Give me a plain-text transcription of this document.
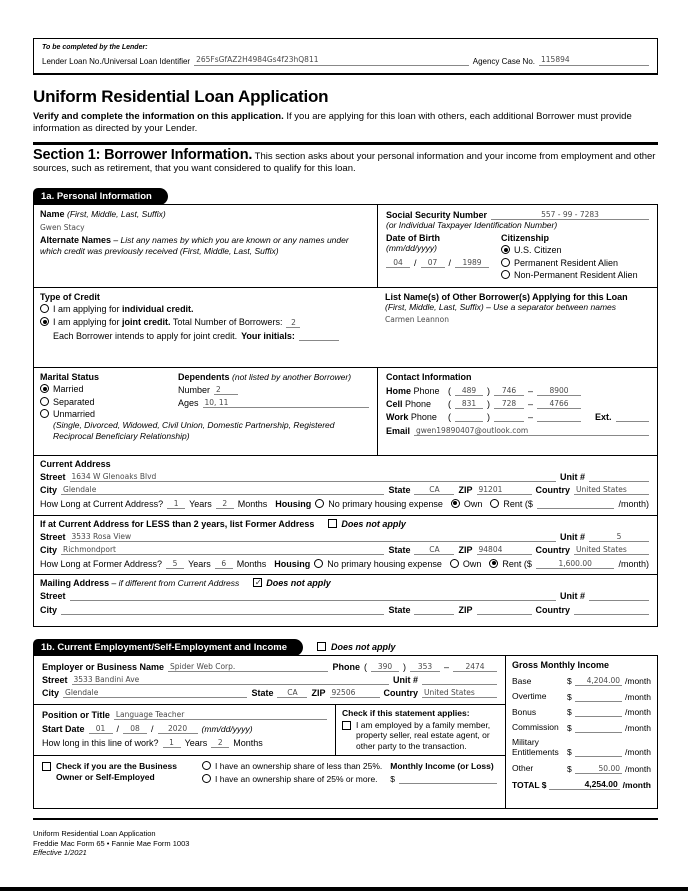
To be completed by the Lender:
Lender Loan No./Universal Loan Identifier 265FsGfAZ2H4984Gs4f23hQ811	Agency Case No. 115894
Uniform Residential Loan Application
Verify and complete the information on this application. If you are applying for this loan with others, each additional Borrower must provide information as directed by your Lender.
Section 1: Borrower Information. This section asks about your personal information and your income from employment and other sources, such as retirement, that you want considered to qualify for this loan.
1a. Personal Information
Name (First, Middle, Last, Suffix)
Gwen Stacy
Alternate Names – List any names by which you are known or any names under which credit was previously received (First, Middle, Last, Suffix)
Social Security Number	557 - 99 - 7283
(or Individual Taxpayer Identification Number)
Date of Birth
(mm/dd/yyyy)
04	/	07	/	1989
Citizenship
U.S. Citizen
Permanent Resident Alien
Non-Permanent Resident Alien
Type of Credit
I am applying for individual credit.
I am applying for joint credit. Total Number of Borrowers:	2
Each Borrower intends to apply for joint credit. Your initials:
List Name(s) of Other Borrower(s) Applying for this Loan
(First, Middle, Last, Suffix) – Use a separator between names
Carmen Leannon
Marital Status
Married
Separated
Unmarried
Dependents (not listed by another Borrower)
Number 2
Ages 10, 11
(Single, Divorced, Widowed, Civil Union, Domestic Partnership, Registered Reciprocal Beneficiary Relationship)
Contact Information
Home Phone (	489	)	746	–	8900
Cell Phone	(	831	)	728	–	4766
Work Phone	(	)	–	Ext.
Email gwen19890407@outlook.com
Current Address
Street 1634 W Glenoaks Blvd	Unit #
City Glendale	State	CA	ZIP 91201	Country United States
How Long at Current Address?	1	Years	2	Months Housing No primary housing expense Own Rent ($	/month)
If at Current Address for LESS than 2 years, list Former Address	Does not apply
Street 3533 Rosa View	Unit #	5
City Richmondport	State	CA	ZIP 94804	Country United States
How Long at Former Address?	5	Years	6	Months Housing No primary housing expense Own Rent ($	1,600.00	/month)
Mailing Address – if different from Current Address ✓	Does not apply
Street	Unit #
City	State	ZIP	Country
1b. Current Employment/Self-Employment and Income	Does not apply
Employer or Business Name Spider Web Corp.	Phone (	390	)	353	–	2474
Street 3533 Bandini Ave	Unit #
City Glendale	State	CA	ZIP 92506	Country United States
Position or Title Language Teacher
Start Date	01	/	08	/	2020	(mm/dd/yyyy)
How long in this line of work?	1	Years	2	Months
Check if this statement applies:
I am employed by a family member, property seller, real estate agent, or other party to the transaction.
Check if you are the Business
Owner or Self-Employed
I have an ownership share of less than 25%.
I have an ownership share of 25% or more.
Monthly Income (or Loss)
$
Gross Monthly Income
Base	$	4,204.00 /month
Overtime	$	/month
Bonus	$	/month
Commission $	/month
Military Entitlements $	/month
Other	$	50.00 /month
TOTAL $	4,254.00 /month
Uniform Residential Loan Application
Freddie Mac Form 65 • Fannie Mae Form 1003
Effective 1/2021
